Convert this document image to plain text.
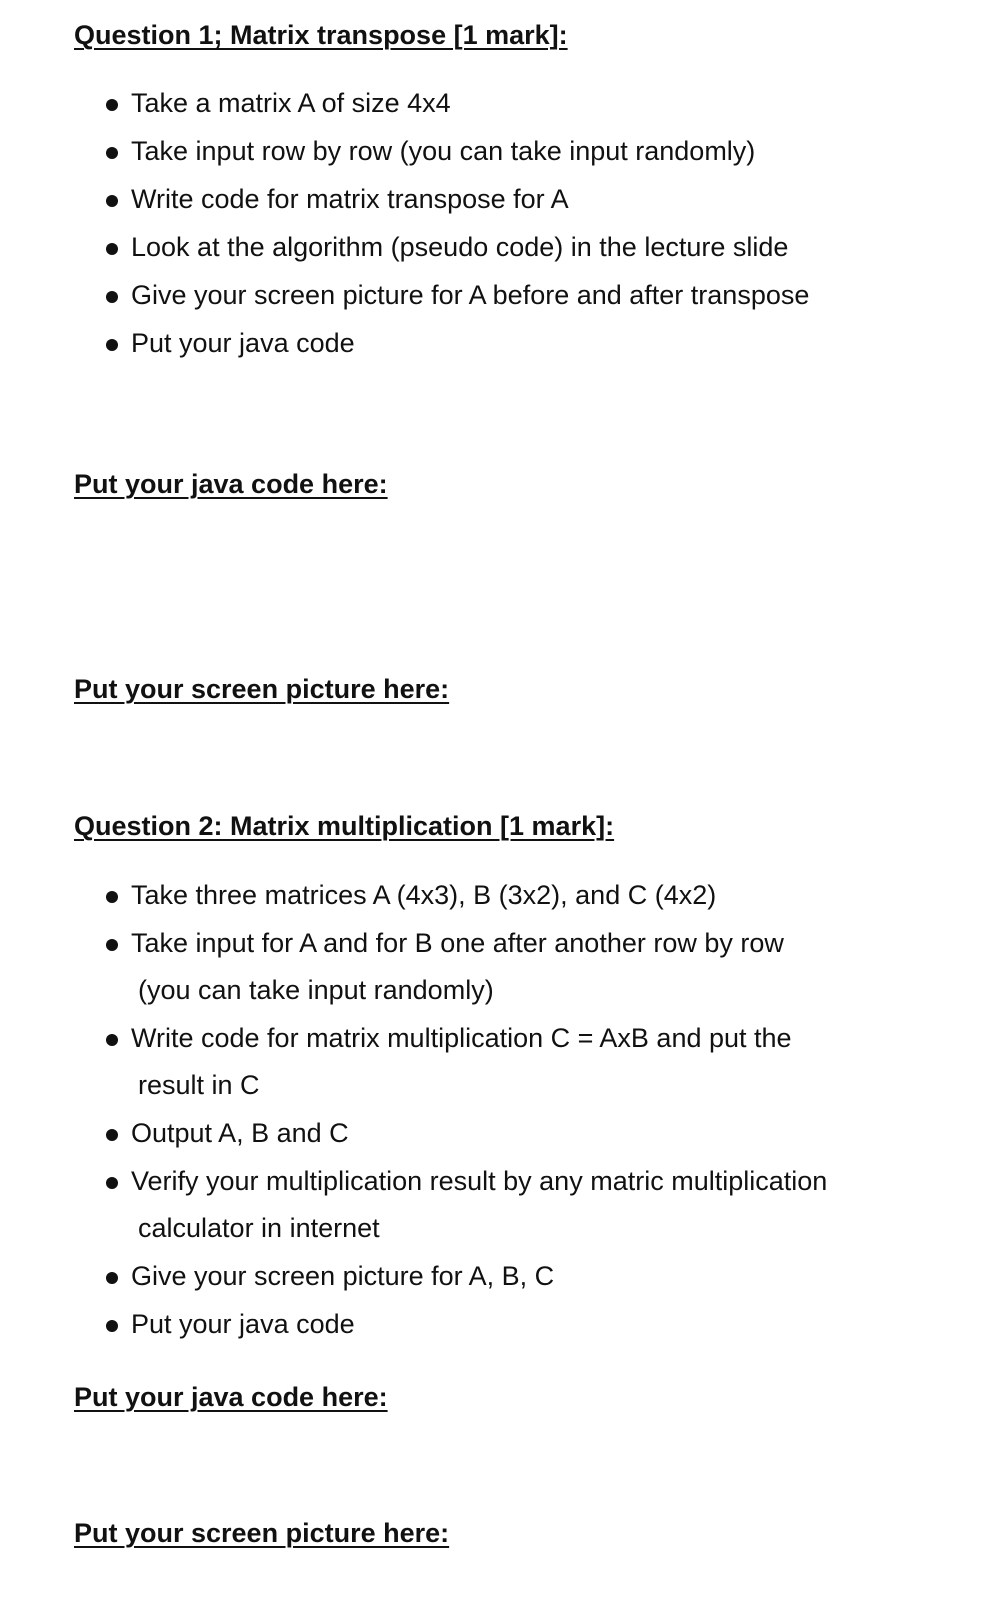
Question 1; Matrix transpose [1 mark]:
Take a matrix A of size 4x4
Take input row by row (you can take input randomly)
Write code for matrix transpose for A
Look at the algorithm (pseudo code) in the lecture slide
Give your screen picture for A before and after transpose
Put your java code
Put your java code here:
Put your screen picture here:
Question 2: Matrix multiplication [1 mark]:
Take three matrices A (4x3), B (3x2), and C (4x2)
Take input for A and for B one after another row by row
(you can take input randomly)
Write code for matrix multiplication C = AxB and put the
result in C
Output A, B and C
Verify your multiplication result by any matric multiplication
calculator in internet
Give your screen picture for A, B, C
Put your java code
Put your java code here:
Put your screen picture here:
